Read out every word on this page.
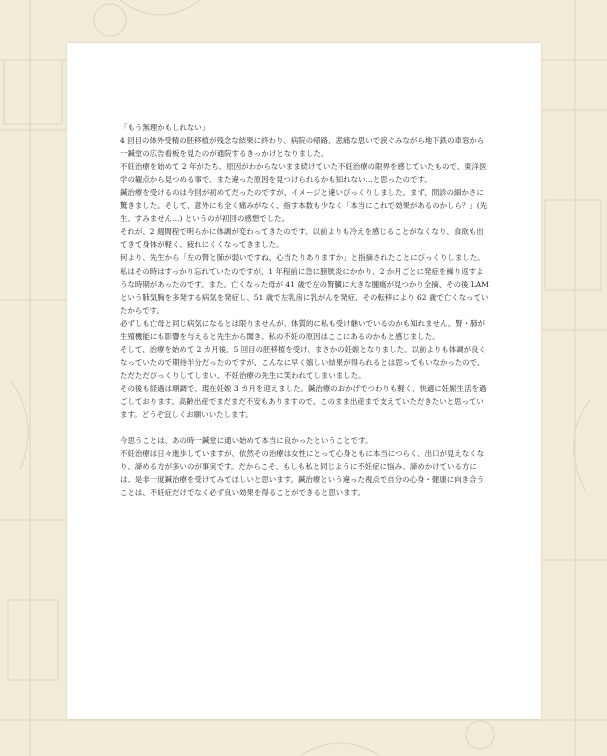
「もう無理かもしれない」
4 回目の体外受精の胚移植が残念な結果に終わり、病院の帰路、悲痛な思いで涙ぐみながら地下鉄の車窓から一鍼堂の広告看板を見たのが通院するきっかけとなりました。

不妊治療を始めて 2 年がたち、原因がわからないまま続けていた不妊治療の限界を感じていたもので、東洋医学の観点から見つめる事で、また違った原因を見つけられるかも知れない…と思ったのです。

鍼治療を受けるのは今回が初めてだったのですが、イメージと違いびっくりしました。まず、問診の細かさに驚きました。そして、意外にも全く痛みがなく、指す本数も少なく「本当にこれで効果があるのかしら？」(先生、すみません…) というのが初回の感想でした。

それが、2 週間程で明らかに体調が変わってきたのです。以前よりも冷えを感じることがなくなり、食欲も出てきて身体が軽く、疲れにくくなってきました。

何より、先生から「左の腎と肺が弱いですね、心当たりありますか」と指摘されたことにびっくりしました。

私はその時はすっかり忘れていたのですが、1 年程前に急に膀胱炎にかかり、2 か月ごとに発症を繰り返すような時期があったのです。また、亡くなった母が 41 歳で左の腎臓に大きな腫瘍が見つかり全摘、その後 LAM という肺気胸を多発する病気を発症し、51 歳で左乳房に乳がんを発症、その転移により 62 歳で亡くなっていたからです。

必ずしも亡母と同じ病気になるとは限りませんが、体質的に私も受け継いでいるのかも知れません。腎・肺が生殖機能にも影響を与えると先生から聞き、私の不妊の原因はここにあるのかもと感じました。

そして、治療を始めて 2 カ月後、5 回目の胚移植を受け、まさかの妊娠となりました。以前よりも体調が良くなっていたので期待半分だったのですが、こんなに早く嬉しい結果が得られるとは思ってもいなかったので、ただただびっくりしてしまい、不妊治療の先生に笑われてしまいました。

その後も経過は順調で、現在妊娠 3 カ月を迎えました。鍼治療のおかげでつわりも軽く、快適に妊娠生活を過ごしております。高齢出産でまだまだ不安もありますので、このまま出産まで支えていただきたいと思っています。どうぞ宜しくお願いいたします。

今思うことは、あの時一鍼堂に通い始めて本当に良かったということです。

不妊治療は日々進歩していますが、依然その治療は女性にとって心身ともに本当につらく、出口が見えなくなり、諦める方が多いのが事実です。だからこそ、もしも私と同じように不妊症に悩み、諦めかけている方には、是非一度鍼治療を受けてみてほしいと思います。鍼治療という違った視点で自分の心身・健康に向き合うことは、不妊症だけでなく必ず良い効果を得ることができると思います。
